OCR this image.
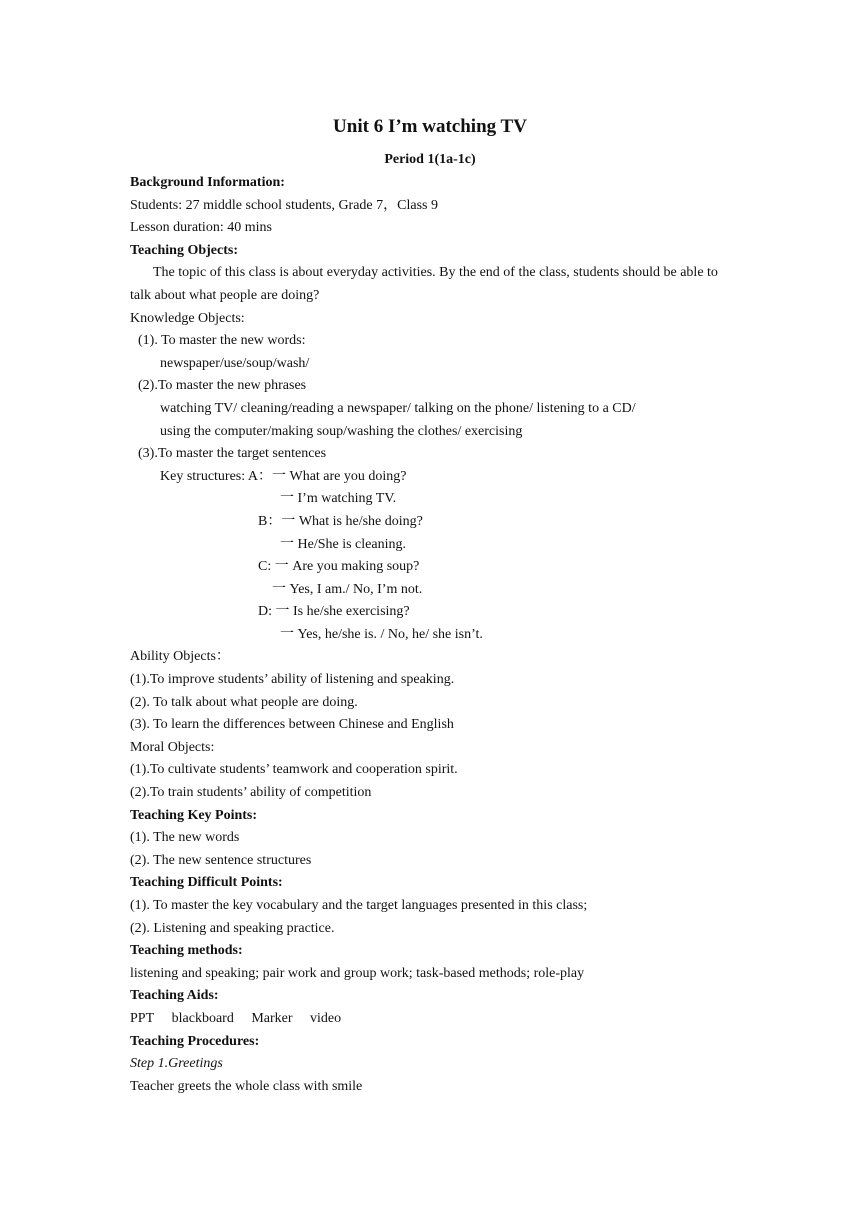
Unit 6 I’m watching TV
Period 1(1a-1c)
Background Information:
Students: 27 middle school students, Grade 7，Class 9
Lesson duration: 40 mins
Teaching Objects:
The topic of this class is about everyday activities. By the end of the class, students should be able to talk about what people are doing?
Knowledge Objects:
(1). To master the new words:
newspaper/use/soup/wash/
(2).To master the new phrases
watching TV/ cleaning/reading a newspaper/ talking on the phone/ listening to a CD/
using the computer/making soup/washing the clothes/ exercising
(3).To master the target sentences
Key structures: A：一 What are you doing?
一 I’m watching TV.
B：一 What is he/she doing?
一 He/She is cleaning.
C: 一 Are you making soup?
一 Yes, I am./ No, I’m not.
D: 一 Is he/she exercising?
一 Yes, he/she is. / No, he/ she isn’t.
Ability Objects：
(1).To improve students’ ability of listening and speaking.
(2). To talk about what people are doing.
(3). To learn the differences between Chinese and English
Moral Objects:
(1).To cultivate students’ teamwork and cooperation spirit.
(2).To train students’ ability of competition
Teaching Key Points:
(1). The new words
(2). The new sentence structures
Teaching Difficult Points:
(1). To master the key vocabulary and the target languages presented in this class;
(2). Listening and speaking practice.
Teaching methods:
listening and speaking; pair work and group work; task-based methods; role-play
Teaching Aids:
PPT blackboard Marker video
Teaching Procedures:
Step 1.Greetings
Teacher greets the whole class with smile
